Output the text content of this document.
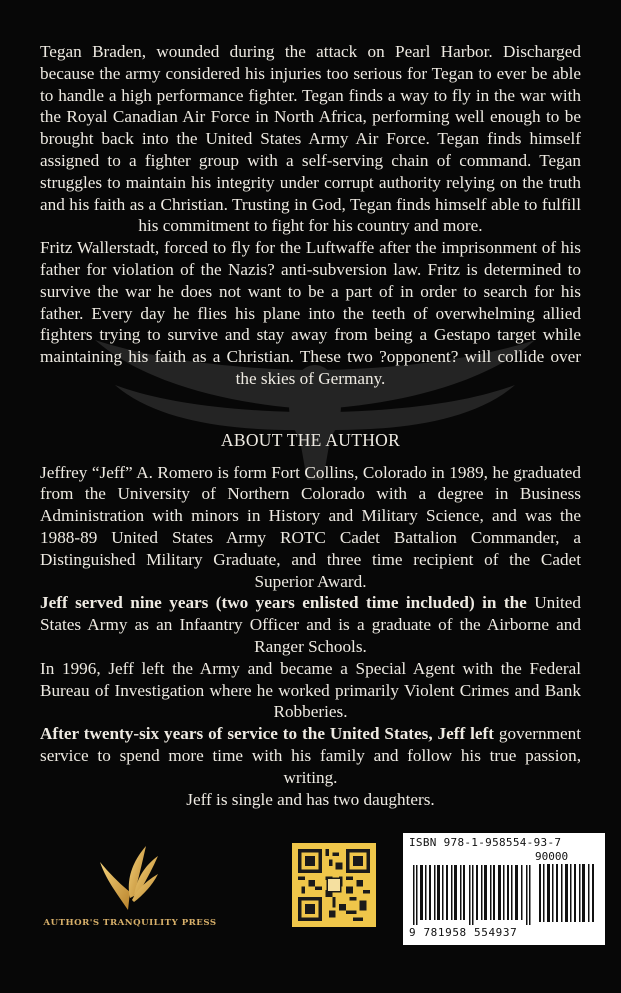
Tegan Braden, wounded during the attack on Pearl Harbor. Discharged because the army considered his injuries too serious for Tegan to ever be able to handle a high performance fighter. Tegan finds a way to fly in the war with the Royal Canadian Air Force in North Africa, performing well enough to be brought back into the United States Army Air Force. Tegan finds himself assigned to a fighter group with a self-serving chain of command. Tegan struggles to maintain his integrity under corrupt authority relying on the truth and his faith as a Christian. Trusting in God, Tegan finds himself able to fulfill his commitment to fight for his country and more.

Fritz Wallerstadt, forced to fly for the Luftwaffe after the imprisonment of his father for violation of the Nazis? anti-subversion law. Fritz is determined to survive the war he does not want to be a part of in order to search for his father. Every day he flies his plane into the teeth of overwhelming allied fighters trying to survive and stay away from being a Gestapo target while maintaining his faith as a Christian. These two ?opponent? will collide over the skies of Germany.

ABOUT THE AUTHOR

Jeffrey “Jeff” A. Romero is form Fort Collins, Colorado in 1989, he graduated from the University of Northern Colorado with a degree in Business Administration with minors in History and Military Science, and was the 1988-89 United States Army ROTC Cadet Battalion Commander, a Distinguished Military Graduate, and three time recipient of the Cadet Superior Award.

Jeff served nine years (two years enlisted time included) in the United States Army as an Infaantry Officer and is a graduate of the Airborne and Ranger Schools.

In 1996, Jeff left the Army and became a Special Agent with the Federal Bureau of Investigation where he worked primarily Violent Crimes and Bank Robberies.

After twenty-six years of service to the United States, Jeff left government service to spend more time with his family and follow his true passion, writing.

Jeff is single and has two daughters.

AUTHOR'S TRANQUILITY PRESS
ISBN 978-1-958554-93-7
90000
9 781958 554937
